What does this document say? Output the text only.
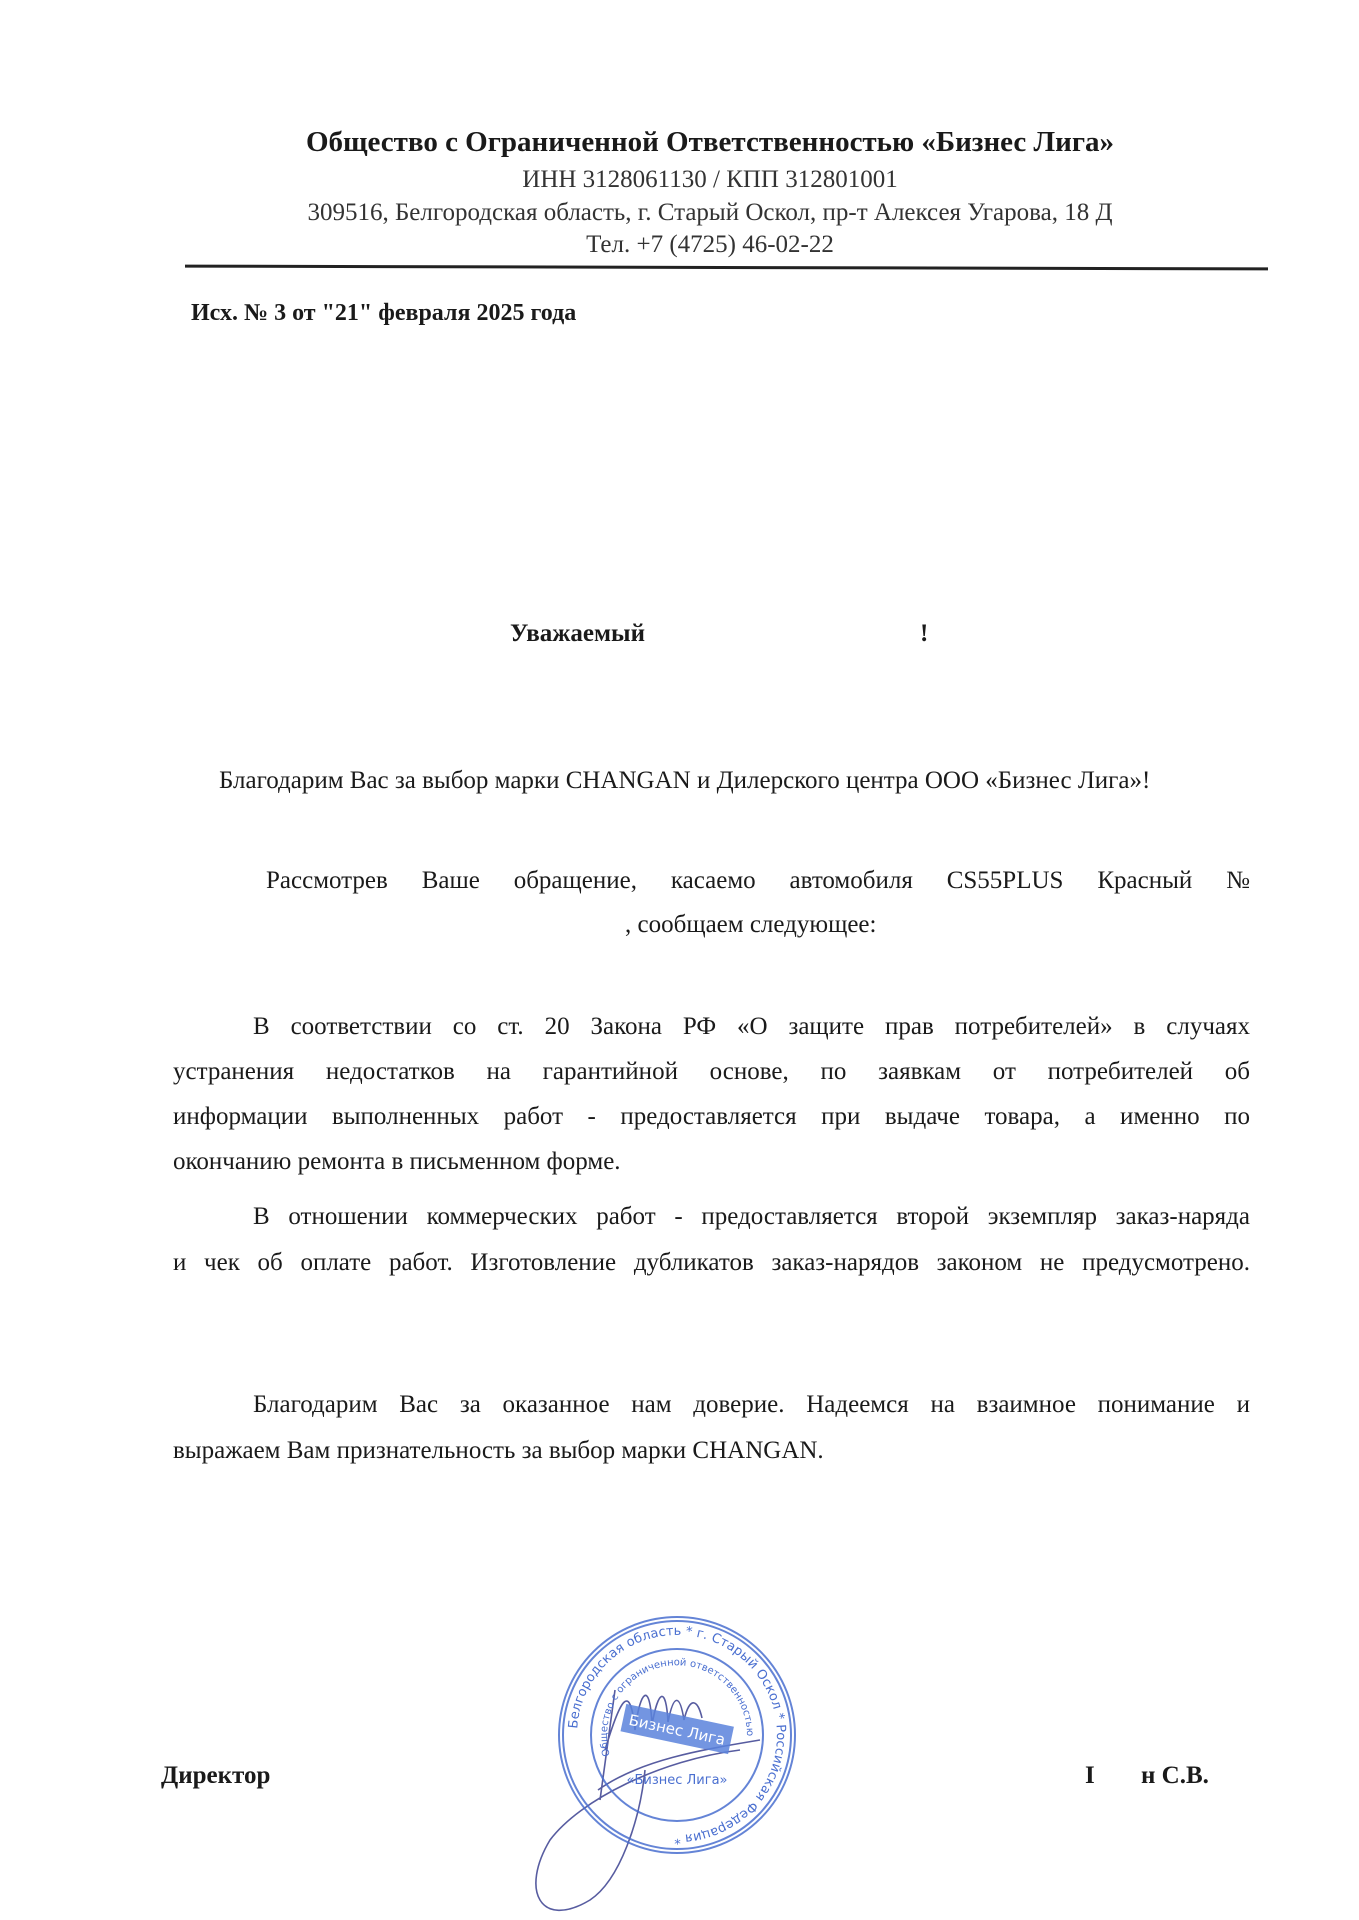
Общество с Ограниченной Ответственностью «Бизнес Лига»
ИНН 3128061130 / КПП 312801001
309516, Белгородская область, г. Старый Оскол, пр-т Алексея Угарова, 18 Д
Тел. +7 (4725) 46-02-22
Исх. № 3 от "21" февраля 2025 года
Уважаемый	!
Благодарим Вас за выбор марки CHANGAN и Дилерского центра ООО «Бизнес Лига»!
Рассмотрев Ваше обращение, касаемо автомобиля CS55PLUS Красный №
, сообщаем следующее:
В соответствии со ст. 20 Закона РФ «О защите прав потребителей» в случаях
устранения недостатков на гарантийной основе, по заявкам от потребителей об
информации выполненных работ - предоставляется при выдаче товара, а именно по
окончанию ремонта в письменном форме.
В отношении коммерческих работ - предоставляется второй экземпляр заказ-наряда
и чек об оплате работ. Изготовление дубликатов заказ-нарядов законом не предусмотрено.
Благодарим Вас за оказанное нам доверие. Надеемся на взаимное понимание и
выражаем Вам признательность за выбор марки CHANGAN.
Директор	I н С.В.
Бизнес Лига
Белгородская область * г. Старый Оскол * Российская Федерация *
Общество с ограниченной ответственностью
«Бизнес Лига»
